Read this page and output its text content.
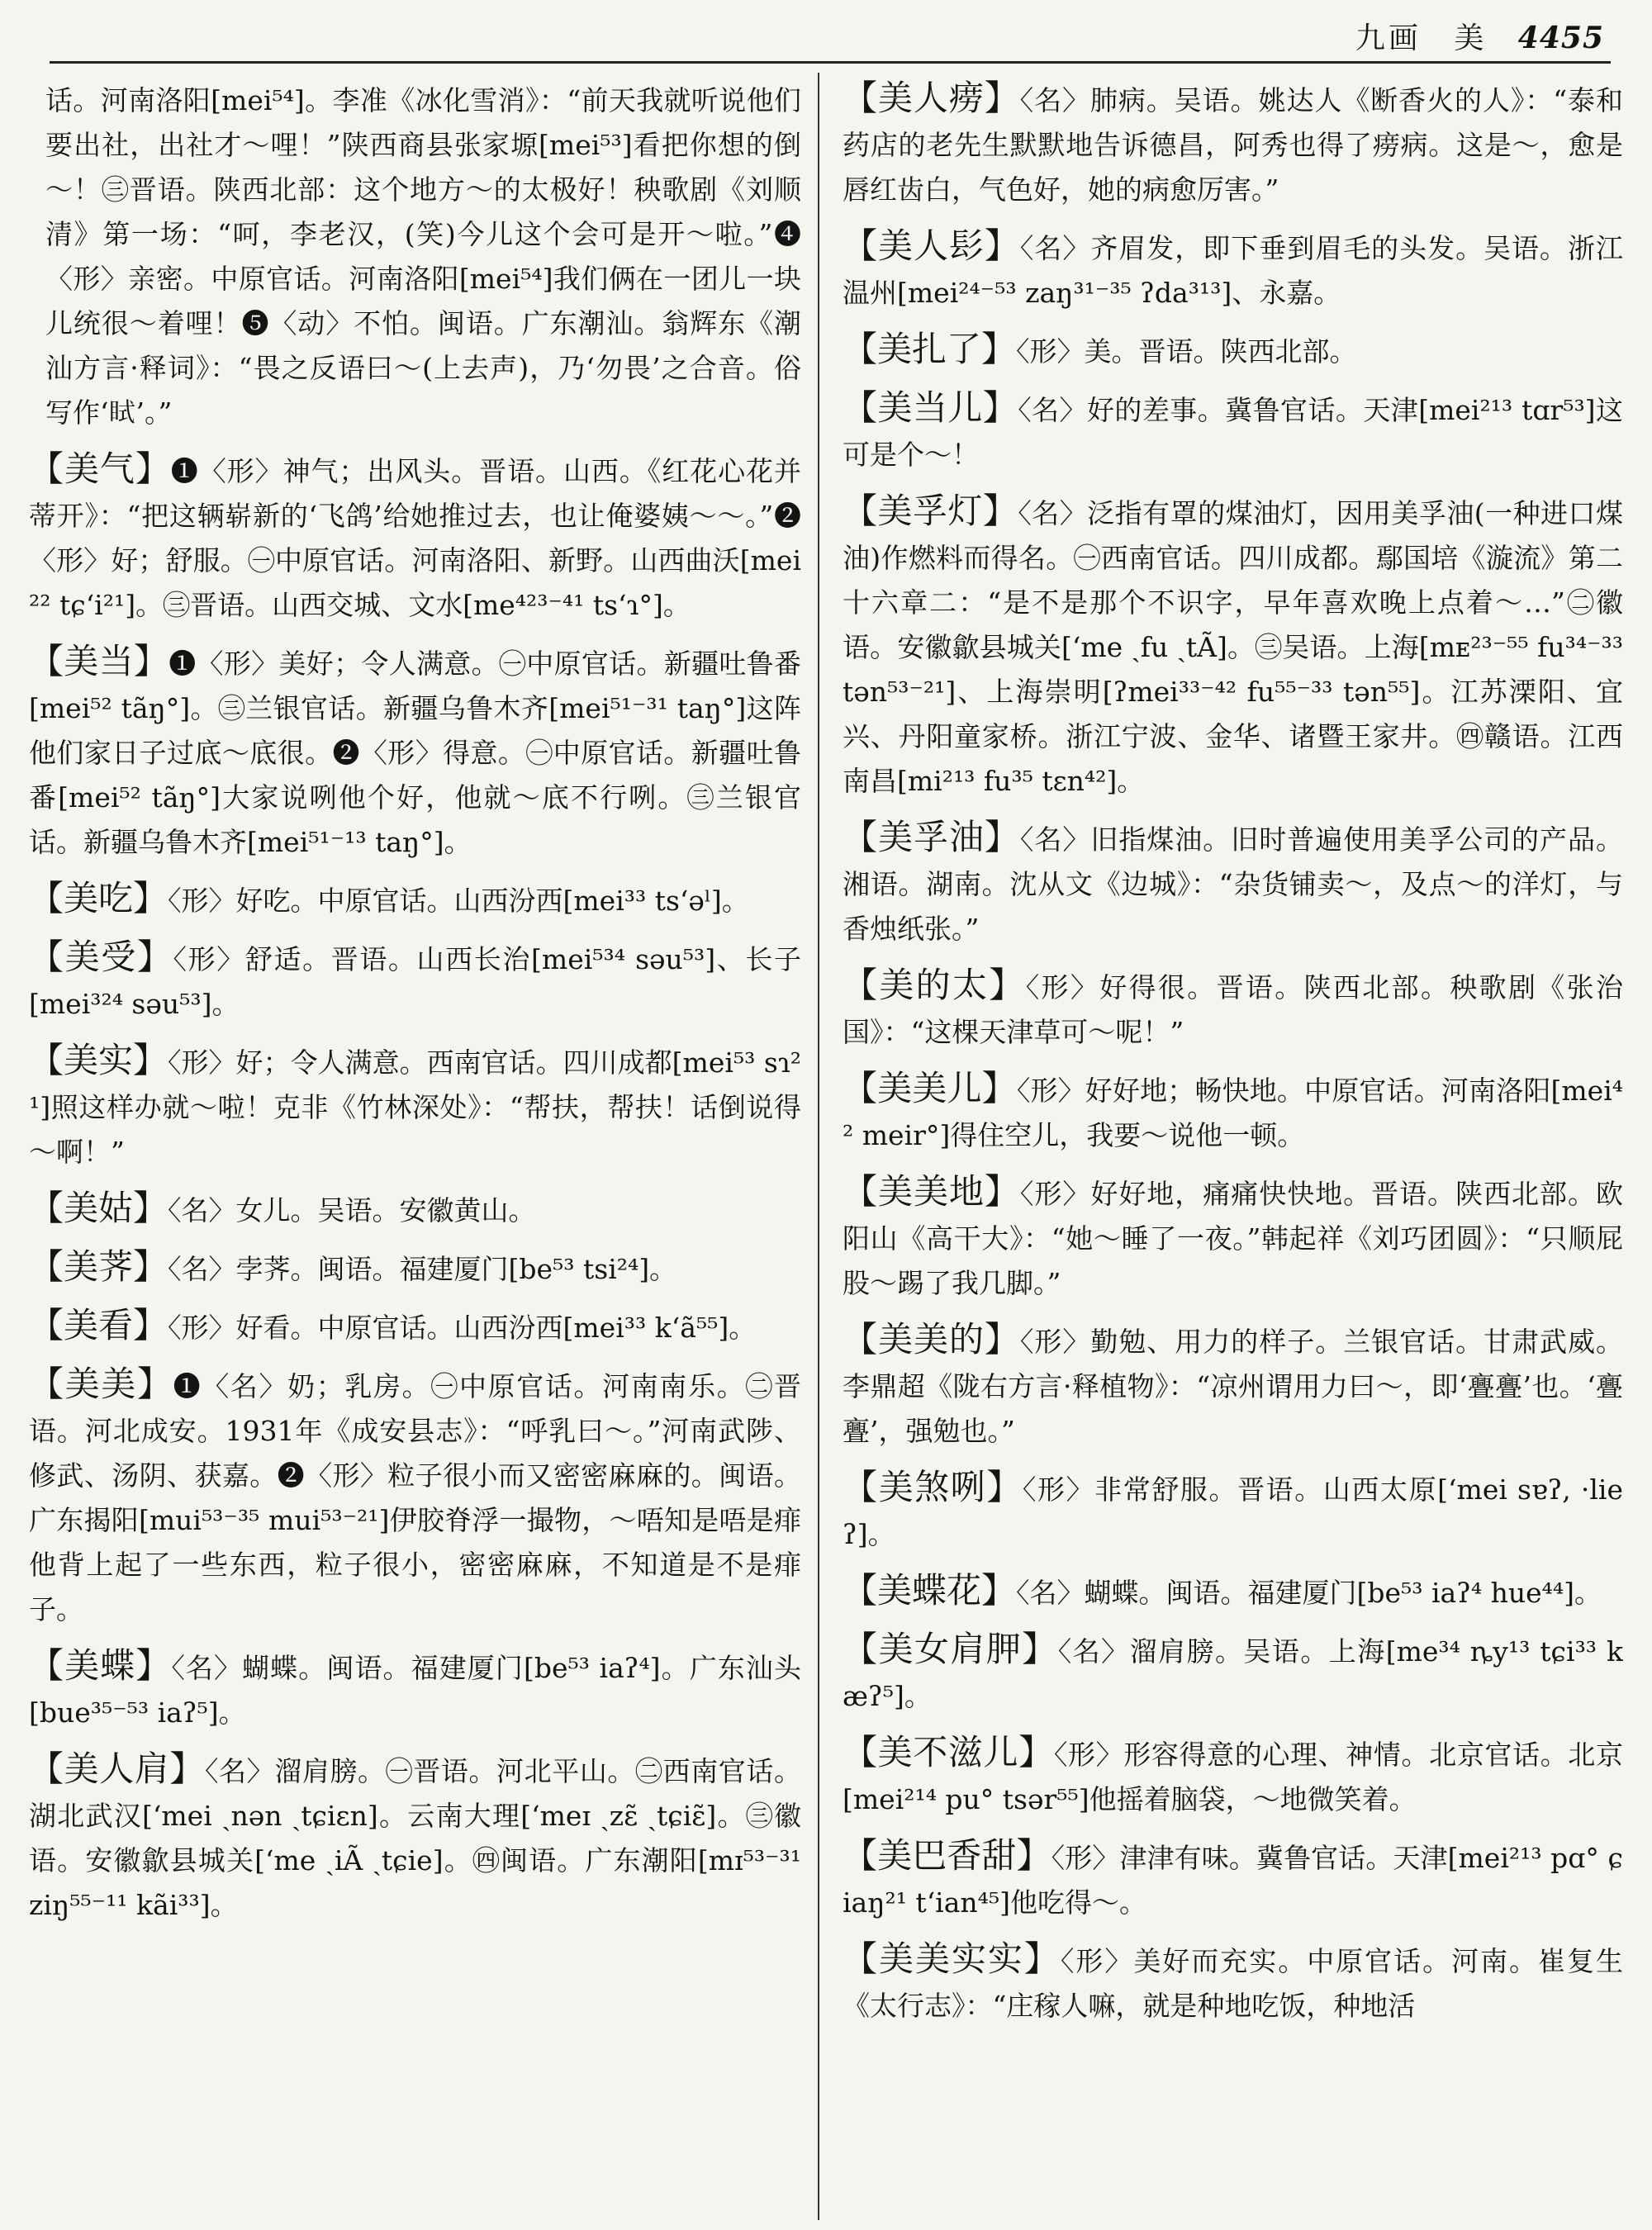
九画 美 4455

话。河南洛阳[mei⁵⁴]。李准《冰化雪消》：“前天我就听说他们要出社，出社才～哩！”陕西商县张家塬[mei⁵³]看把你想的倒～！㊂晋语。陕西北部：这个地方～的太极好！秧歌剧《刘顺清》第一场：“呵，李老汉，(笑)今儿这个会可是开～啦。”❹〈形〉亲密。中原官话。河南洛阳[mei⁵⁴]我们俩在一团儿一块儿统很～着哩！❺〈动〉不怕。闽语。广东潮汕。翁辉东《潮汕方言·释词》：“畏之反语曰～(上去声)，乃‘勿畏’之合音。俗写作‘𥅞’。”

【美气】❶〈形〉神气；出风头。晋语。山西。《红花心花并蒂开》：“把这辆崭新的‘飞鸽’给她推过去，也让俺婆姨～～。”❷〈形〉好；舒服。㊀中原官话。河南洛阳、新野。山西曲沃[mei²² tɕʻi²¹]。㊂晋语。山西交城、文水[me⁴²³⁻⁴¹ tsʻɿ°]。

【美当】❶〈形〉美好；令人满意。㊀中原官话。新疆吐鲁番[mei⁵² tãŋ°]。㊂兰银官话。新疆乌鲁木齐[mei⁵¹⁻³¹ taŋ°]这阵他们家日子过底～底很。❷〈形〉得意。㊀中原官话。新疆吐鲁番[mei⁵² tãŋ°]大家说咧他个好，他就～底不行咧。㊂兰银官话。新疆乌鲁木齐[mei⁵¹⁻¹³ taŋ°]。

【美吃】〈形〉好吃。中原官话。山西汾西[mei³³ tsʻəˡ]。

【美受】〈形〉舒适。晋语。山西长治[mei⁵³⁴ səu⁵³]、长子[mei³²⁴ səu⁵³]。

【美实】〈形〉好；令人满意。西南官话。四川成都[mei⁵³ sɿ²¹]照这样办就～啦！克非《竹林深处》：“帮扶，帮扶！话倒说得～啊！”

【美姑】〈名〉女儿。吴语。安徽黄山。

【美荠】〈名〉孛荠。闽语。福建厦门[be⁵³ tsi²⁴]。

【美看】〈形〉好看。中原官话。山西汾西[mei³³ kʻã⁵⁵]。

【美美】❶〈名〉奶；乳房。㊀中原官话。河南南乐。㊁晋语。河北成安。1931年《成安县志》：“呼乳曰～。”河南武陟、修武、汤阴、获嘉。❷〈形〉粒子很小而又密密麻麻的。闽语。广东揭阳[mui⁵³⁻³⁵ mui⁵³⁻²¹]伊胶脊浮一撮物，～唔知是唔是痱他背上起了一些东西，粒子很小，密密麻麻，不知道是不是痱子。

【美蝶】〈名〉蝴蝶。闽语。福建厦门[be⁵³ iaʔ⁴]。广东汕头[bue³⁵⁻⁵³ iaʔ⁵]。

【美人肩】〈名〉溜肩膀。㊀晋语。河北平山。㊁西南官话。湖北武汉[ʻmei ˏnən ˏtɕiɛn]。云南大理[ʻmeɪ ˏzɛ̃ ˏtɕiɛ̃]。㊂徽语。安徽歙县城关[ʻme ˏiÃ ˏtɕie]。㊃闽语。广东潮阳[mɪ⁵³⁻³¹ ziŋ⁵⁵⁻¹¹ kãi³³]。

【美人痨】〈名〉肺病。吴语。姚达人《断香火的人》：“泰和药店的老先生默默地告诉德昌，阿秀也得了痨病。这是～，愈是唇红齿白，气色好，她的病愈厉害。”

【美人髟】〈名〉齐眉发，即下垂到眉毛的头发。吴语。浙江温州[mei²⁴⁻⁵³ zaŋ³¹⁻³⁵ ʔda³¹³]、永嘉。

【美扎了】〈形〉美。晋语。陕西北部。

【美当儿】〈名〉好的差事。冀鲁官话。天津[mei²¹³ tɑr⁵³]这可是个～！

【美孚灯】〈名〉泛指有罩的煤油灯，因用美孚油(一种进口煤油)作燃料而得名。㊀西南官话。四川成都。鄢国培《漩流》第二十六章二：“是不是那个不识字，早年喜欢晚上点着～…”㊁徽语。安徽歙县城关[ʻme ˏfu ˏtÃ]。㊂吴语。上海[mᴇ²³⁻⁵⁵ fu³⁴⁻³³ tən⁵³⁻²¹]、上海崇明[ʔmei³³⁻⁴² fu⁵⁵⁻³³ tən⁵⁵]。江苏溧阳、宜兴、丹阳童家桥。浙江宁波、金华、诸暨王家井。㊃赣语。江西南昌[mi²¹³ fu³⁵ tɛn⁴²]。

【美孚油】〈名〉旧指煤油。旧时普遍使用美孚公司的产品。湘语。湖南。沈从文《边城》：“杂货铺卖～，及点～的洋灯，与香烛纸张。”

【美的太】〈形〉好得很。晋语。陕西北部。秧歌剧《张治国》：“这棵天津草可～呢！”

【美美儿】〈形〉好好地；畅快地。中原官话。河南洛阳[mei⁴² meir°]得住空儿，我要～说他一顿。

【美美地】〈形〉好好地，痛痛快快地。晋语。陕西北部。欧阳山《高干大》：“她～睡了一夜。”韩起祥《刘巧团圆》：“只顺屁股～踢了我几脚。”

【美美的】〈形〉勤勉、用力的样子。兰银官话。甘肃武威。李鼎超《陇右方言·释植物》：“凉州谓用力曰～，即‘亹亹’也。‘亹亹’，强勉也。”

【美煞咧】〈形〉非常舒服。晋语。山西太原[ʻmei sɐʔ, ·lieʔ]。

【美蝶花】〈名〉蝴蝶。闽语。福建厦门[be⁵³ iaʔ⁴ hue⁴⁴]。

【美女肩胛】〈名〉溜肩膀。吴语。上海[me³⁴ ȵy¹³ tɕi³³ kæʔ⁵]。

【美不滋儿】〈形〉形容得意的心理、神情。北京官话。北京[mei²¹⁴ pu° tsər⁵⁵]他摇着脑袋，～地微笑着。

【美巴香甜】〈形〉津津有味。冀鲁官话。天津[mei²¹³ pɑ° ɕiaŋ²¹ tʻian⁴⁵]他吃得～。

【美美实实】〈形〉美好而充实。中原官话。河南。崔复生《太行志》：“庄稼人嘛，就是种地吃饭，种地活
